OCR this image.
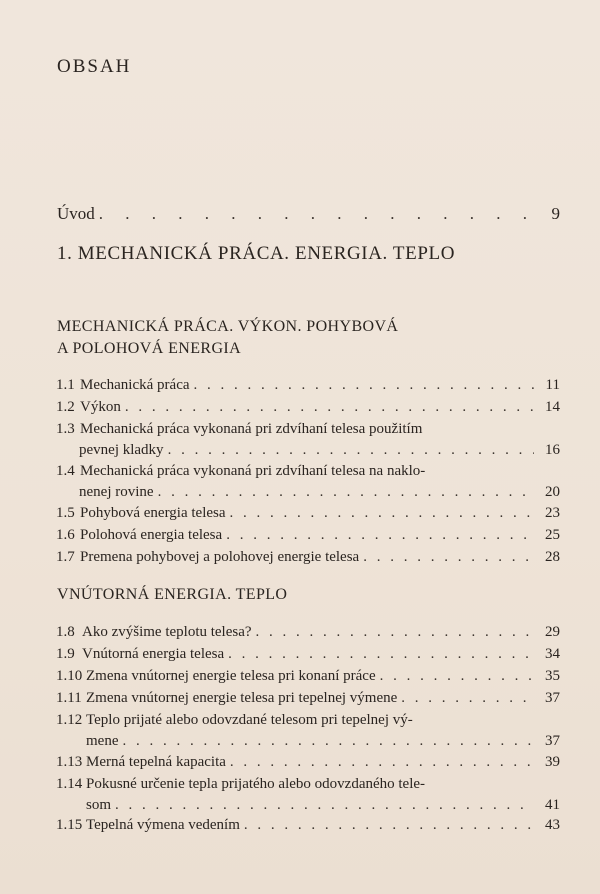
OBSAH
Úvod . . .	9
1. MECHANICKÁ PRÁCA. ENERGIA. TEPLO
MECHANICKÁ PRÁCA. VÝKON. POHYBOVÁ
A POLOHOVÁ ENERGIA
1.1 Mechanická práca . . .	11
1.2 Výkon . . .	14
1.3 Mechanická práca vykonaná pri zdvíhaní telesa použitím
pevnej kladky . . .	16
1.4 Mechanická práca vykonaná pri zdvíhaní telesa na naklo-
nenej rovine . . .	20
1.5 Pohybová energia telesa . . .	23
1.6 Polohová energia telesa . . .	25
1.7 Premena pohybovej a polohovej energie telesa . . .	28
VNÚTORNÁ ENERGIA. TEPLO
1.8 Ako zvýšime teplotu telesa? . . .	29
1.9 Vnútorná energia telesa . . .	34
1.10 Zmena vnútornej energie telesa pri konaní práce . . .	35
1.11 Zmena vnútornej energie telesa pri tepelnej výmene . . .	37
1.12 Teplo prijaté alebo odovzdané telesom pri tepelnej vý-
mene . . .	37
1.13 Merná tepelná kapacita . . .	39
1.14 Pokusné určenie tepla prijatého alebo odovzdaného tele-
som . . .	41
1.15 Tepelná výmena vedením . . .	43
